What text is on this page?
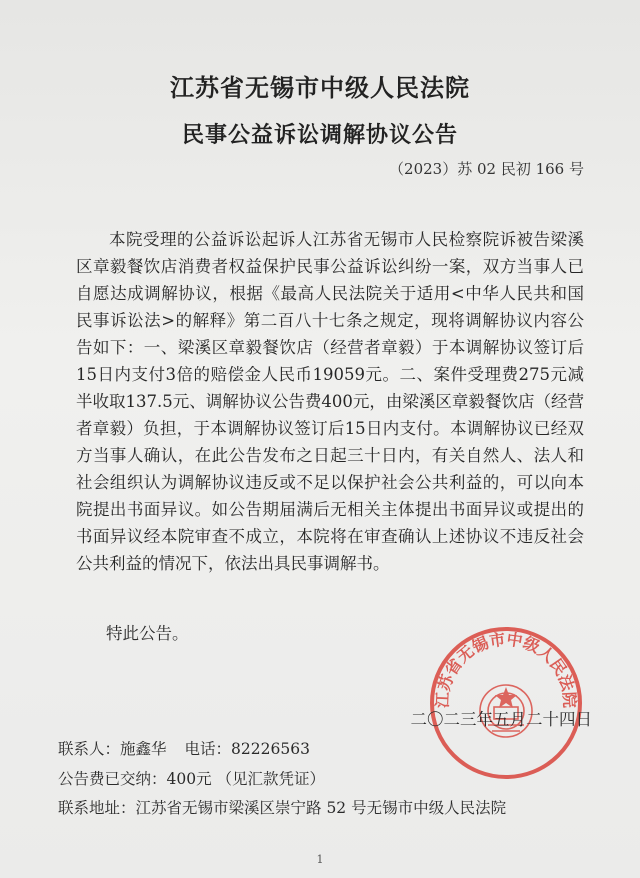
江苏省无锡市中级人民法院
民事公益诉讼调解协议公告
（2023）苏 02 民初 166 号
本院受理的公益诉讼起诉人江苏省无锡市人民检察院诉被告梁溪区章毅餐饮店消费者权益保护民事公益诉讼纠纷一案，双方当事人已自愿达成调解协议，根据《最高人民法院关于适用<中华人民共和国民事诉讼法>的解释》第二百八十七条之规定，现将调解协议内容公告如下：一、梁溪区章毅餐饮店（经营者章毅）于本调解协议签订后15日内支付3倍的赔偿金人民币19059元。二、案件受理费275元减半收取137.5元、调解协议公告费400元，由梁溪区章毅餐饮店（经营者章毅）负担，于本调解协议签订后15日内支付。本调解协议已经双方当事人确认，在此公告发布之日起三十日内，有关自然人、法人和社会组织认为调解协议违反或不足以保护社会公共利益的，可以向本院提出书面异议。如公告期届满后无相关主体提出书面异议或提出的书面异议经本院审查不成立，本院将在审查确认上述协议不违反社会公共利益的情况下，依法出具民事调解书。
特此公告。
江苏省无锡市中级人民法院
二〇二三年五月二十四日
联系人：施鑫华 电话：82226563
公告费已交纳：400元 （见汇款凭证）
联系地址：江苏省无锡市梁溪区崇宁路 52 号无锡市中级人民法院
1
